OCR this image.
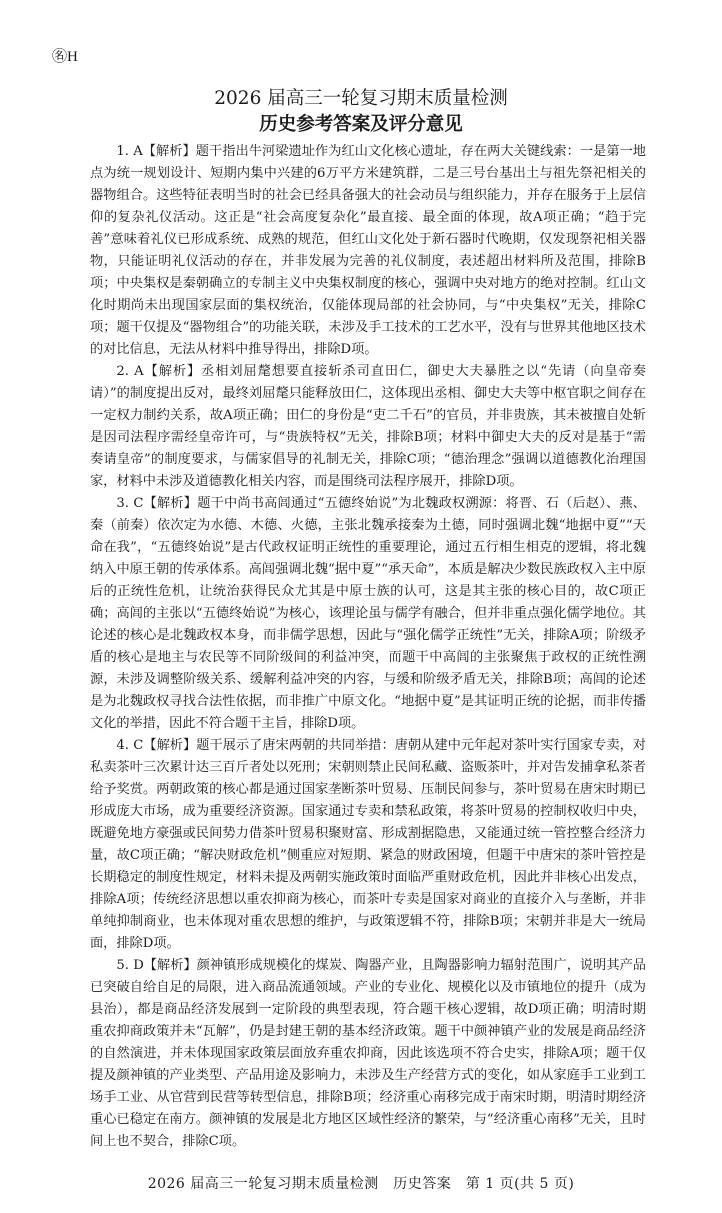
㊔H
2026 届高三一轮复习期末质量检测
历史参考答案及评分意见

1. A【解析】题干指出牛河梁遗址作为红山文化核心遗址，存在两大关键线索：一是第一地点为统一规划设计、短期内集中兴建的6万平方米建筑群，二是三号台基出土与祖先祭祀相关的器物组合。这些特征表明当时的社会已经具备强大的社会动员与组织能力，并存在服务于上层信仰的复杂礼仪活动。这正是“社会高度复杂化”最直接、最全面的体现，故A项正确；“趋于完善”意味着礼仪已形成系统、成熟的规范，但红山文化处于新石器时代晚期，仅发现祭祀相关器物，只能证明礼仪活动的存在，并非发展为完善的礼仪制度，表述超出材料所及范围，排除B项；中央集权是秦朝确立的专制主义中央集权制度的核心，强调中央对地方的绝对控制。红山文化时期尚未出现国家层面的集权统治，仅能体现局部的社会协同，与“中央集权”无关，排除C项；题干仅提及“器物组合”的功能关联，未涉及手工技术的工艺水平，没有与世界其他地区技术的对比信息，无法从材料中推导得出，排除D项。

2. A【解析】丞相刘屈氂想要直接斩杀司直田仁，御史大夫暴胜之以“先请（向皇帝奏请）”的制度提出反对，最终刘屈氂只能释放田仁，这体现出丞相、御史大夫等中枢官职之间存在一定权力制约关系，故A项正确；田仁的身份是“吏二千石”的官员，并非贵族，其未被擅自处斩是因司法程序需经皇帝许可，与“贵族特权”无关，排除B项；材料中御史大夫的反对是基于“需奏请皇帝”的制度要求，与儒家倡导的礼制无关，排除C项；“德治理念”强调以道德教化治理国家，材料中未涉及道德教化相关内容，而是围绕司法程序展开，排除D项。

3. C【解析】题干中尚书高闾通过“五德终始说”为北魏政权溯源：将晋、石（后赵）、燕、秦（前秦）依次定为水德、木德、火德，主张北魏承接秦为土德，同时强调北魏“地据中夏”“天命在我”，“五德终始说”是古代政权证明正统性的重要理论，通过五行相生相克的逻辑，将北魏纳入中原王朝的传承体系。高闾强调北魏“据中夏”“承天命”，本质是解决少数民族政权入主中原后的正统性危机，让统治获得民众尤其是中原士族的认可，这是其主张的核心目的，故C项正确；高闾的主张以“五德终始说”为核心，该理论虽与儒学有融合，但并非重点强化儒学地位。其论述的核心是北魏政权本身，而非儒学思想，因此与“强化儒学正统性”无关，排除A项；阶级矛盾的核心是地主与农民等不同阶级间的利益冲突，而题干中高闾的主张聚焦于政权的正统性溯源，未涉及调整阶级关系、缓解利益冲突的内容，与缓和阶级矛盾无关，排除B项；高闾的论述是为北魏政权寻找合法性依据，而非推广中原文化。“地据中夏”是其证明正统的论据，而非传播文化的举措，因此不符合题干主旨，排除D项。

4. C【解析】题干展示了唐宋两朝的共同举措：唐朝从建中元年起对茶叶实行国家专卖，对私卖茶叶三次累计达三百斤者处以死刑；宋朝则禁止民间私藏、盗贩茶叶，并对告发捕拿私茶者给予奖赏。两朝政策的核心都是通过国家垄断茶叶贸易、压制民间参与，茶叶贸易在唐宋时期已形成庞大市场，成为重要经济资源。国家通过专卖和禁私政策，将茶叶贸易的控制权收归中央，既避免地方豪强或民间势力借茶叶贸易积聚财富、形成割据隐患，又能通过统一管控整合经济力量，故C项正确；“解决财政危机”侧重应对短期、紧急的财政困境，但题干中唐宋的茶叶管控是长期稳定的制度性规定，材料未提及两朝实施政策时面临严重财政危机，因此并非核心出发点，排除A项；传统经济思想以重农抑商为核心，而茶叶专卖是国家对商业的直接介入与垄断，并非单纯抑制商业，也未体现对重农思想的维护，与政策逻辑不符，排除B项；宋朝并非是大一统局面，排除D项。

5. D【解析】颜神镇形成规模化的煤炭、陶器产业，且陶器影响力辐射范围广，说明其产品已突破自给自足的局限，进入商品流通领域。产业的专业化、规模化以及市镇地位的提升（成为县治），都是商品经济发展到一定阶段的典型表现，符合题干核心逻辑，故D项正确；明清时期重农抑商政策并未“瓦解”，仍是封建王朝的基本经济政策。题干中颜神镇产业的发展是商品经济的自然演进，并未体现国家政策层面放弃重农抑商，因此该选项不符合史实，排除A项；题干仅提及颜神镇的产业类型、产品用途及影响力，未涉及生产经营方式的变化，如从家庭手工业到工场手工业、从官营到民营等转型信息，排除B项；经济重心南移完成于南宋时期，明清时期经济重心已稳定在南方。颜神镇的发展是北方地区区域性经济的繁荣，与“经济重心南移”无关，且时间上也不契合，排除C项。

2026 届高三一轮复习期末质量检测　历史答案　第 1 页(共 5 页)
